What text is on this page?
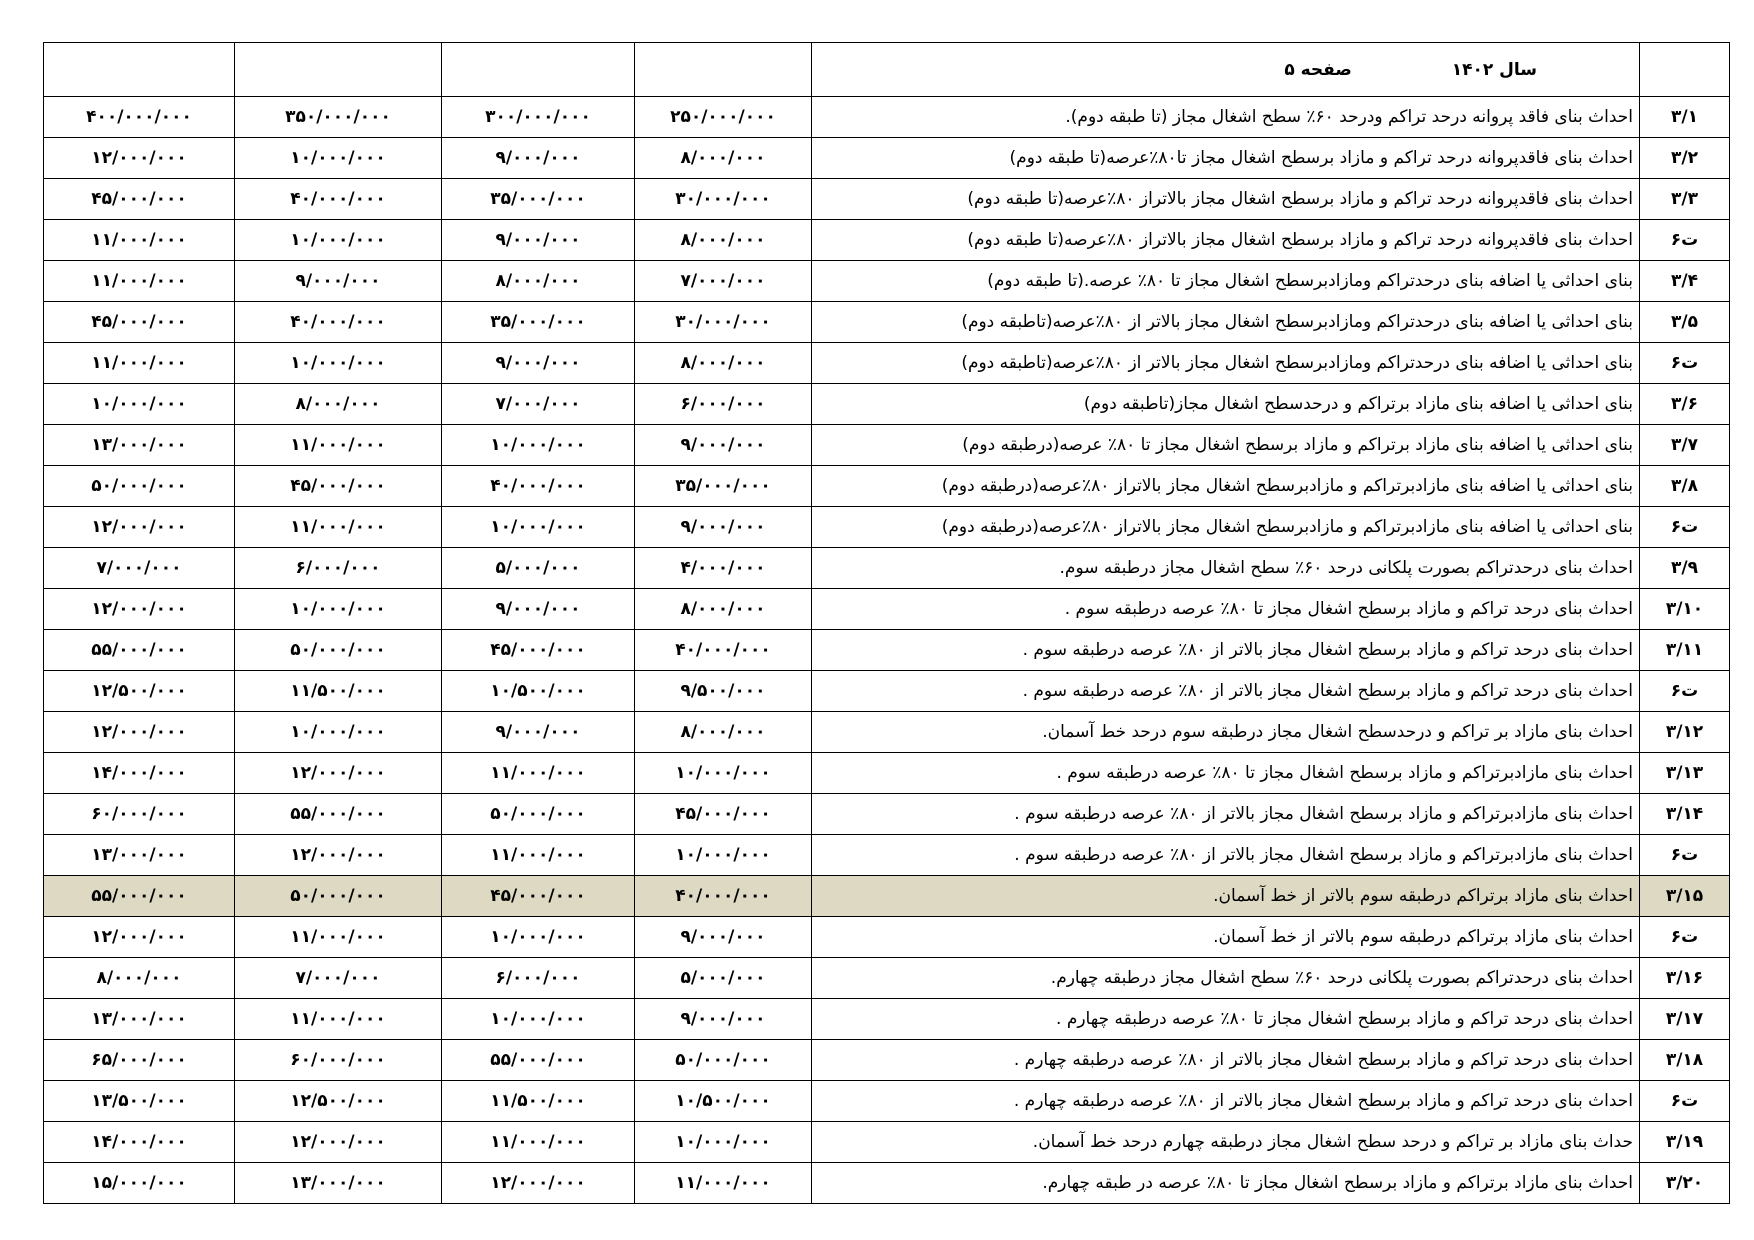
	سال ۱۴۰۲  صفحه ۵				
۳/۱	احداث بنای فاقد پروانه درحد تراکم ودرحد ۶۰٪ سطح اشغال مجاز (تا طبقه دوم).	۲۵۰/۰۰۰/۰۰۰	۳۰۰/۰۰۰/۰۰۰	۳۵۰/۰۰۰/۰۰۰	۴۰۰/۰۰۰/۰۰۰
۳/۲	احداث بنای فاقدپروانه درحد تراکم و مازاد برسطح اشغال مجاز تا۸۰٪عرصه(تا طبقه دوم)	۸/۰۰۰/۰۰۰	۹/۰۰۰/۰۰۰	۱۰/۰۰۰/۰۰۰	۱۲/۰۰۰/۰۰۰
۳/۳	احداث بنای فاقدپروانه درحد تراکم و مازاد برسطح اشغال مجاز بالاتراز ۸۰٪عرصه(تا طبقه دوم)	۳۰/۰۰۰/۰۰۰	۳۵/۰۰۰/۰۰۰	۴۰/۰۰۰/۰۰۰	۴۵/۰۰۰/۰۰۰
ت۶	احداث بنای فاقدپروانه درحد تراکم و مازاد برسطح اشغال مجاز بالاتراز ۸۰٪عرصه(تا طبقه دوم)	۸/۰۰۰/۰۰۰	۹/۰۰۰/۰۰۰	۱۰/۰۰۰/۰۰۰	۱۱/۰۰۰/۰۰۰
۳/۴	بنای احداثی یا اضافه بنای درحدتراکم ومازادبرسطح اشغال مجاز تا ۸۰٪ عرصه.(تا طبقه دوم)	۷/۰۰۰/۰۰۰	۸/۰۰۰/۰۰۰	۹/۰۰۰/۰۰۰	۱۱/۰۰۰/۰۰۰
۳/۵	بنای احداثی یا اضافه بنای درحدتراکم ومازادبرسطح اشغال مجاز بالاتر از ۸۰٪عرصه(تاطبقه دوم)	۳۰/۰۰۰/۰۰۰	۳۵/۰۰۰/۰۰۰	۴۰/۰۰۰/۰۰۰	۴۵/۰۰۰/۰۰۰
ت۶	بنای احداثی یا اضافه بنای درحدتراکم ومازادبرسطح اشغال مجاز بالاتر از ۸۰٪عرصه(تاطبقه دوم)	۸/۰۰۰/۰۰۰	۹/۰۰۰/۰۰۰	۱۰/۰۰۰/۰۰۰	۱۱/۰۰۰/۰۰۰
۳/۶	بنای احداثی یا اضافه بنای مازاد برتراکم و درحدسطح اشغال مجاز(تاطبقه دوم)	۶/۰۰۰/۰۰۰	۷/۰۰۰/۰۰۰	۸/۰۰۰/۰۰۰	۱۰/۰۰۰/۰۰۰
۳/۷	بنای احداثی یا اضافه بنای مازاد برتراکم و مازاد برسطح اشغال مجاز تا ۸۰٪ عرصه(درطبقه دوم)	۹/۰۰۰/۰۰۰	۱۰/۰۰۰/۰۰۰	۱۱/۰۰۰/۰۰۰	۱۳/۰۰۰/۰۰۰
۳/۸	بنای احداثی یا اضافه بنای مازادبرتراکم و مازادبرسطح اشغال مجاز بالاتراز ۸۰٪عرصه(درطبقه دوم)	۳۵/۰۰۰/۰۰۰	۴۰/۰۰۰/۰۰۰	۴۵/۰۰۰/۰۰۰	۵۰/۰۰۰/۰۰۰
ت۶	بنای احداثی یا اضافه بنای مازادبرتراکم و مازادبرسطح اشغال مجاز بالاتراز ۸۰٪عرصه(درطبقه دوم)	۹/۰۰۰/۰۰۰	۱۰/۰۰۰/۰۰۰	۱۱/۰۰۰/۰۰۰	۱۲/۰۰۰/۰۰۰
۳/۹	احداث بنای درحدتراکم بصورت پلکانی درحد ۶۰٪ سطح اشغال مجاز درطبقه سوم.	۴/۰۰۰/۰۰۰	۵/۰۰۰/۰۰۰	۶/۰۰۰/۰۰۰	۷/۰۰۰/۰۰۰
۳/۱۰	احداث بنای درحد تراکم و مازاد برسطح اشغال مجاز تا ۸۰٪ عرصه درطبقه سوم .	۸/۰۰۰/۰۰۰	۹/۰۰۰/۰۰۰	۱۰/۰۰۰/۰۰۰	۱۲/۰۰۰/۰۰۰
۳/۱۱	احداث بنای درحد تراکم و مازاد برسطح اشغال مجاز بالاتر از ۸۰٪ عرصه درطبقه سوم .	۴۰/۰۰۰/۰۰۰	۴۵/۰۰۰/۰۰۰	۵۰/۰۰۰/۰۰۰	۵۵/۰۰۰/۰۰۰
ت۶	احداث بنای درحد تراکم و مازاد برسطح اشغال مجاز بالاتر از ۸۰٪ عرصه درطبقه سوم .	۹/۵۰۰/۰۰۰	۱۰/۵۰۰/۰۰۰	۱۱/۵۰۰/۰۰۰	۱۲/۵۰۰/۰۰۰
۳/۱۲	احداث بنای مازاد بر تراکم و درحدسطح اشغال مجاز درطبقه سوم درحد خط آسمان.	۸/۰۰۰/۰۰۰	۹/۰۰۰/۰۰۰	۱۰/۰۰۰/۰۰۰	۱۲/۰۰۰/۰۰۰
۳/۱۳	احداث بنای مازادبرتراکم و مازاد برسطح اشغال مجاز تا ۸۰٪ عرصه درطبقه سوم .	۱۰/۰۰۰/۰۰۰	۱۱/۰۰۰/۰۰۰	۱۲/۰۰۰/۰۰۰	۱۴/۰۰۰/۰۰۰
۳/۱۴	احداث بنای مازادبرتراکم و مازاد برسطح اشغال مجاز بالاتر از ۸۰٪ عرصه درطبقه سوم .	۴۵/۰۰۰/۰۰۰	۵۰/۰۰۰/۰۰۰	۵۵/۰۰۰/۰۰۰	۶۰/۰۰۰/۰۰۰
ت۶	احداث بنای مازادبرتراکم و مازاد برسطح اشغال مجاز بالاتر از ۸۰٪ عرصه درطبقه سوم .	۱۰/۰۰۰/۰۰۰	۱۱/۰۰۰/۰۰۰	۱۲/۰۰۰/۰۰۰	۱۳/۰۰۰/۰۰۰
۳/۱۵	احداث بنای مازاد برتراکم درطبقه سوم بالاتر از خط آسمان.	۴۰/۰۰۰/۰۰۰	۴۵/۰۰۰/۰۰۰	۵۰/۰۰۰/۰۰۰	۵۵/۰۰۰/۰۰۰
ت۶	احداث بنای مازاد برتراکم درطبقه سوم بالاتر از خط آسمان.	۹/۰۰۰/۰۰۰	۱۰/۰۰۰/۰۰۰	۱۱/۰۰۰/۰۰۰	۱۲/۰۰۰/۰۰۰
۳/۱۶	احداث بنای درحدتراکم بصورت پلکانی درحد ۶۰٪ سطح اشغال مجاز درطبقه چهارم.	۵/۰۰۰/۰۰۰	۶/۰۰۰/۰۰۰	۷/۰۰۰/۰۰۰	۸/۰۰۰/۰۰۰
۳/۱۷	احداث بنای درحد تراکم و مازاد برسطح اشغال مجاز تا ۸۰٪ عرصه درطبقه چهارم .	۹/۰۰۰/۰۰۰	۱۰/۰۰۰/۰۰۰	۱۱/۰۰۰/۰۰۰	۱۳/۰۰۰/۰۰۰
۳/۱۸	احداث بنای درحد تراکم و مازاد برسطح اشغال مجاز بالاتر از ۸۰٪ عرصه درطبقه چهارم .	۵۰/۰۰۰/۰۰۰	۵۵/۰۰۰/۰۰۰	۶۰/۰۰۰/۰۰۰	۶۵/۰۰۰/۰۰۰
ت۶	احداث بنای درحد تراکم و مازاد برسطح اشغال مجاز بالاتر از ۸۰٪ عرصه درطبقه چهارم .	۱۰/۵۰۰/۰۰۰	۱۱/۵۰۰/۰۰۰	۱۲/۵۰۰/۰۰۰	۱۳/۵۰۰/۰۰۰
۳/۱۹	حداث بنای مازاد بر تراکم و درحد سطح اشغال مجاز درطبقه چهارم درحد خط آسمان.	۱۰/۰۰۰/۰۰۰	۱۱/۰۰۰/۰۰۰	۱۲/۰۰۰/۰۰۰	۱۴/۰۰۰/۰۰۰
۳/۲۰	احداث بنای مازاد برتراکم و مازاد برسطح اشغال مجاز تا ۸۰٪ عرصه در طبقه چهارم.	۱۱/۰۰۰/۰۰۰	۱۲/۰۰۰/۰۰۰	۱۳/۰۰۰/۰۰۰	۱۵/۰۰۰/۰۰۰
